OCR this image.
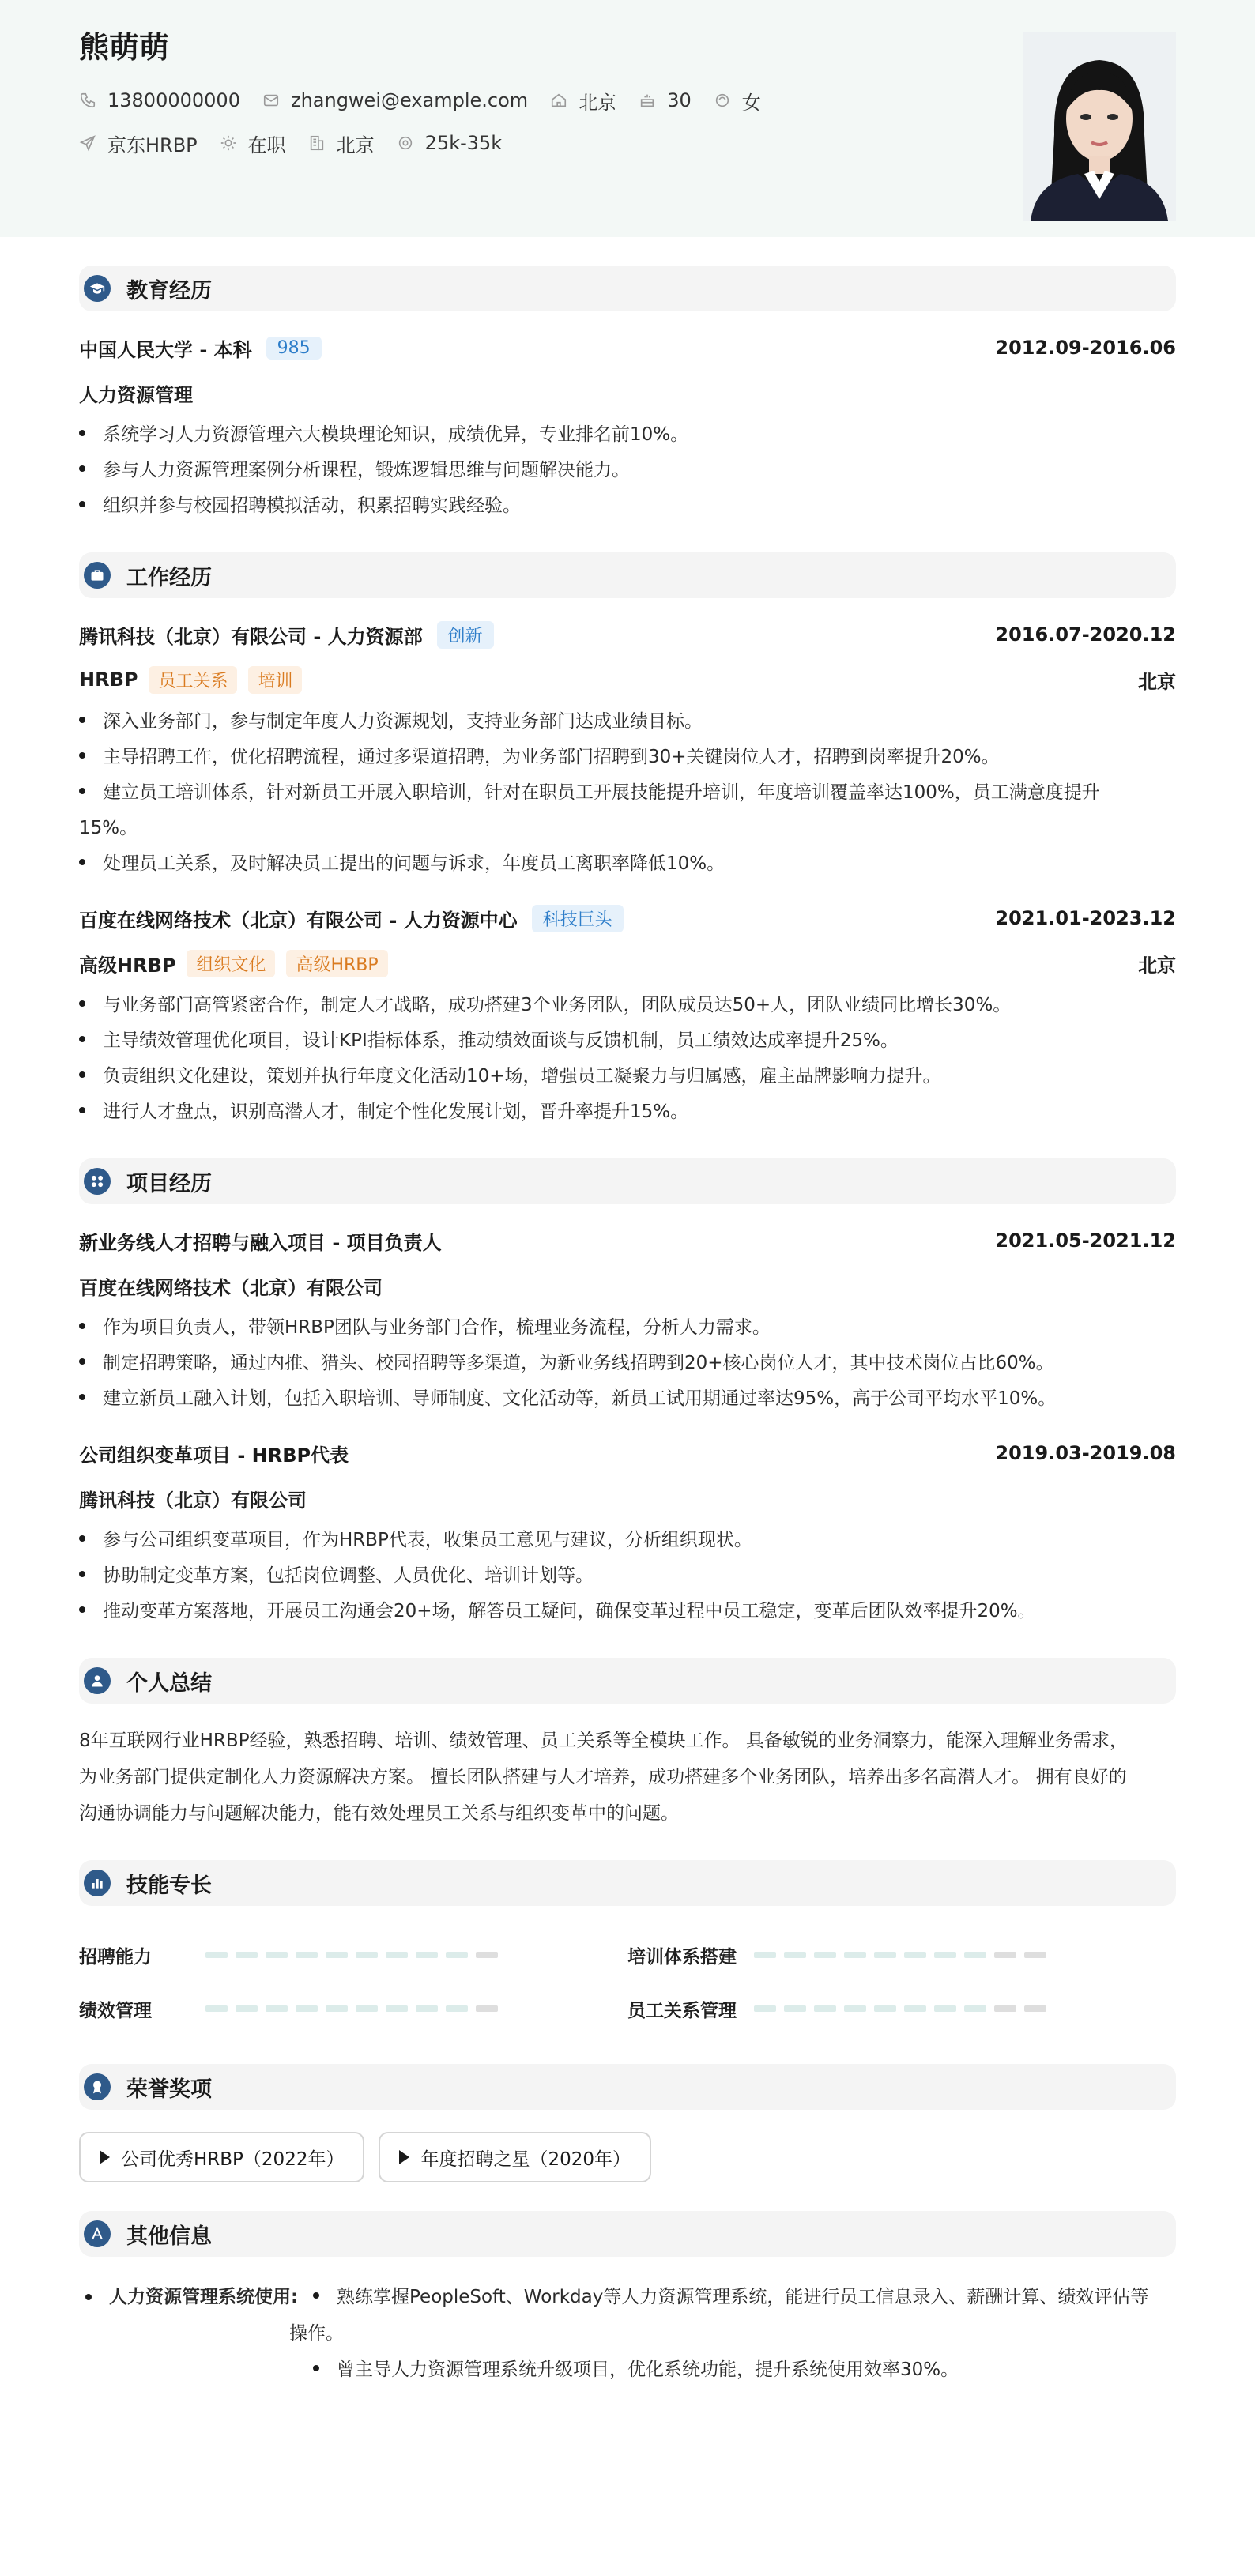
熊萌萌
13800000000	zhangwei@example.com	北京	30	女
京东HRBP	在职	北京	25k-35k
教育经历
中国人民大学 - 本科	985	2012.09-2016.06
人力资源管理
系统学习人力资源管理六大模块理论知识，成绩优异，专业排名前10%。
参与人力资源管理案例分析课程，锻炼逻辑思维与问题解决能力。
组织并参与校园招聘模拟活动，积累招聘实践经验。
工作经历
腾讯科技（北京）有限公司 - 人力资源部	创新	2016.07-2020.12
HRBP	员工关系	培训	北京
深入业务部门，参与制定年度人力资源规划，支持业务部门达成业绩目标。
主导招聘工作，优化招聘流程，通过多渠道招聘，为业务部门招聘到30+关键岗位人才，招聘到岗率提升20%。
建立员工培训体系，针对新员工开展入职培训，针对在职员工开展技能提升培训，年度培训覆盖率达100%，员工满意度提升
15%。
处理员工关系，及时解决员工提出的问题与诉求，年度员工离职率降低10%。
百度在线网络技术（北京）有限公司 - 人力资源中心	科技巨头	2021.01-2023.12
高级HRBP	组织文化	高级HRBP	北京
与业务部门高管紧密合作，制定人才战略，成功搭建3个业务团队，团队成员达50+人，团队业绩同比增长30%。
主导绩效管理优化项目，设计KPI指标体系，推动绩效面谈与反馈机制，员工绩效达成率提升25%。
负责组织文化建设，策划并执行年度文化活动10+场，增强员工凝聚力与归属感，雇主品牌影响力提升。
进行人才盘点，识别高潜人才，制定个性化发展计划，晋升率提升15%。
项目经历
新业务线人才招聘与融入项目 - 项目负责人	2021.05-2021.12
百度在线网络技术（北京）有限公司
作为项目负责人，带领HRBP团队与业务部门合作，梳理业务流程，分析人力需求。
制定招聘策略，通过内推、猎头、校园招聘等多渠道，为新业务线招聘到20+核心岗位人才，其中技术岗位占比60%。
建立新员工融入计划，包括入职培训、导师制度、文化活动等，新员工试用期通过率达95%，高于公司平均水平10%。
公司组织变革项目 - HRBP代表	2019.03-2019.08
腾讯科技（北京）有限公司
参与公司组织变革项目，作为HRBP代表，收集员工意见与建议，分析组织现状。
协助制定变革方案，包括岗位调整、人员优化、培训计划等。
推动变革方案落地，开展员工沟通会20+场，解答员工疑问，确保变革过程中员工稳定，变革后团队效率提升20%。
个人总结
8年互联网行业HRBP经验，熟悉招聘、培训、绩效管理、员工关系等全模块工作。 具备敏锐的业务洞察力，能深入理解业务需求，
为业务部门提供定制化人力资源解决方案。 擅长团队搭建与人才培养，成功搭建多个业务团队，培养出多名高潜人才。 拥有良好的
沟通协调能力与问题解决能力，能有效处理员工关系与组织变革中的问题。
技能专长
招聘能力	培训体系搭建
绩效管理	员工关系管理
荣誉奖项
公司优秀HRBP（2022年）	年度招聘之星（2020年）
其他信息
人力资源管理系统使用:	熟练掌握PeopleSoft、Workday等人力资源管理系统，能进行员工信息录入、薪酬计算、绩效评估等
操作。
曾主导人力资源管理系统升级项目，优化系统功能，提升系统使用效率30%。
